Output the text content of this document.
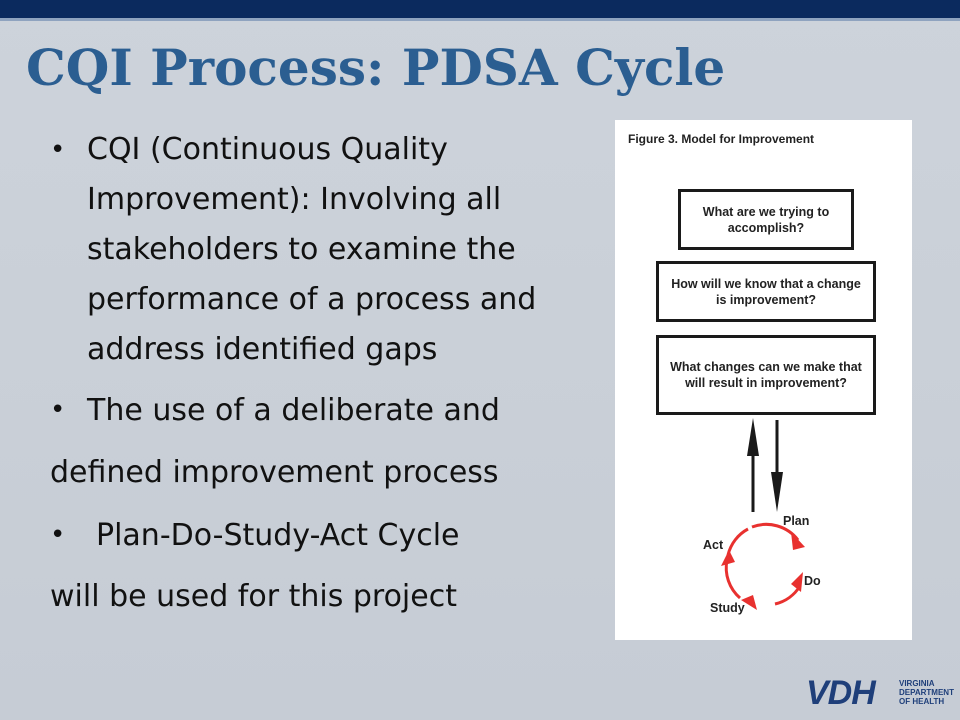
CQI Process: PDSA Cycle

• CQI (Continuous Quality Improvement): Involving all stakeholders to examine the performance of a process and address identified gaps

• The use of a deliberate and

defined improvement process

• Plan-Do-Study-Act Cycle

will be used for this project

Figure 3. Model for Improvement
What are we trying to accomplish?
How will we know that a change is improvement?
What changes can we make that will result in improvement?
Plan
Act
Do
Study
VDH	VIRGINIA
DEPARTMENT
OF HEALTH
